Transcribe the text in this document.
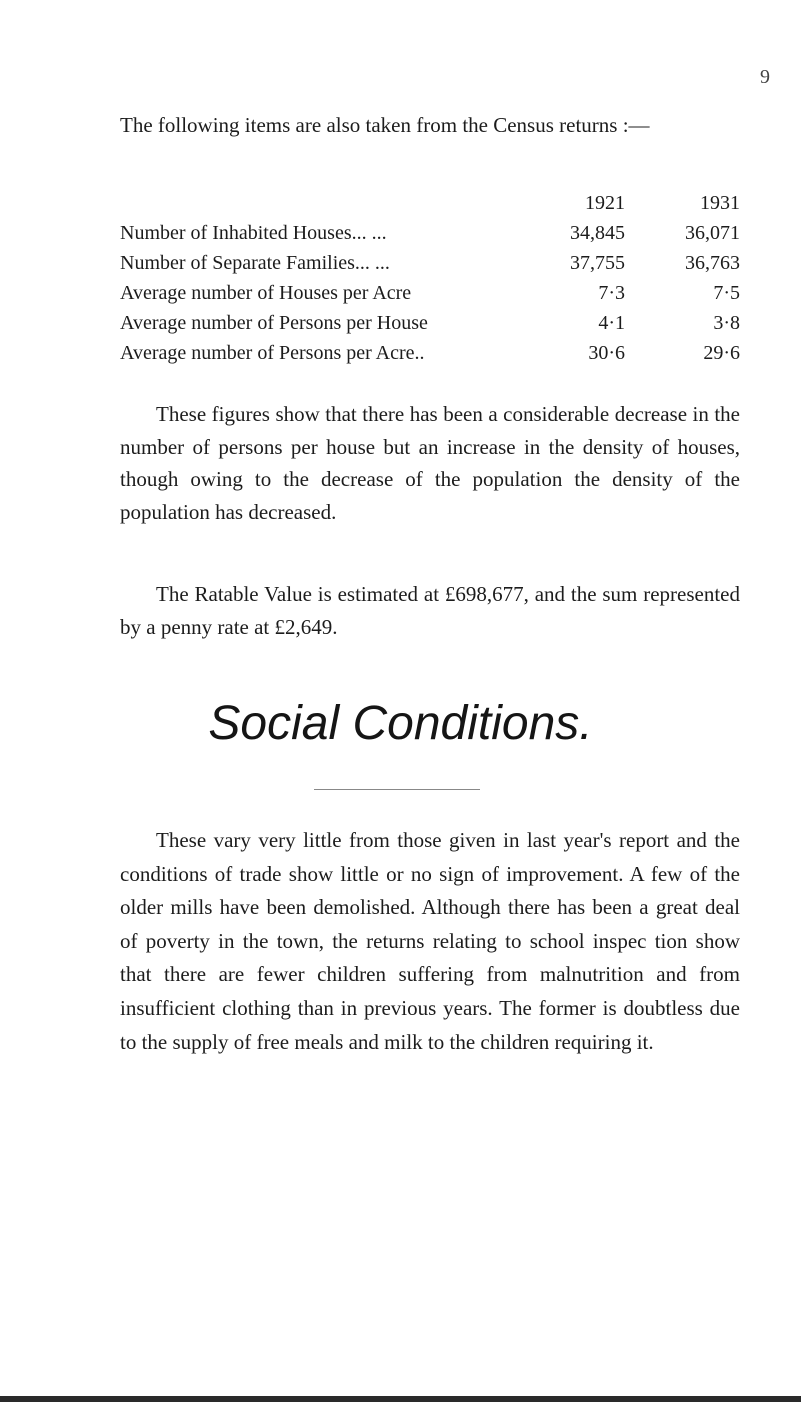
9

The following items are also taken from the Census returns :—

	1921	1931
Number of Inhabited Houses... ...	34,845	36,071
Number of Separate Families... ...	37,755	36,763
Average number of Houses per Acre	7·3	7·5
Average number of Persons per House	4·1	3·8
Average number of Persons per Acre..	30·6	29·6

These figures show that there has been a considerable decrease in the number of persons per house but an increase in the density of houses, though owing to the decrease of the population the density of the population has decreased.

The Ratable Value is estimated at £698,677, and the sum represented by a penny rate at £2,649.

Social Conditions.

These vary very little from those given in last year's report and the conditions of trade show little or no sign of improvement. A few of the older mills have been demolished. Although there has been a great deal of poverty in the town, the returns relating to school inspec tion show that there are fewer children suffering from malnutrition and from insufficient clothing than in previous years. The former is doubtless due to the supply of free meals and milk to the children requiring it.
